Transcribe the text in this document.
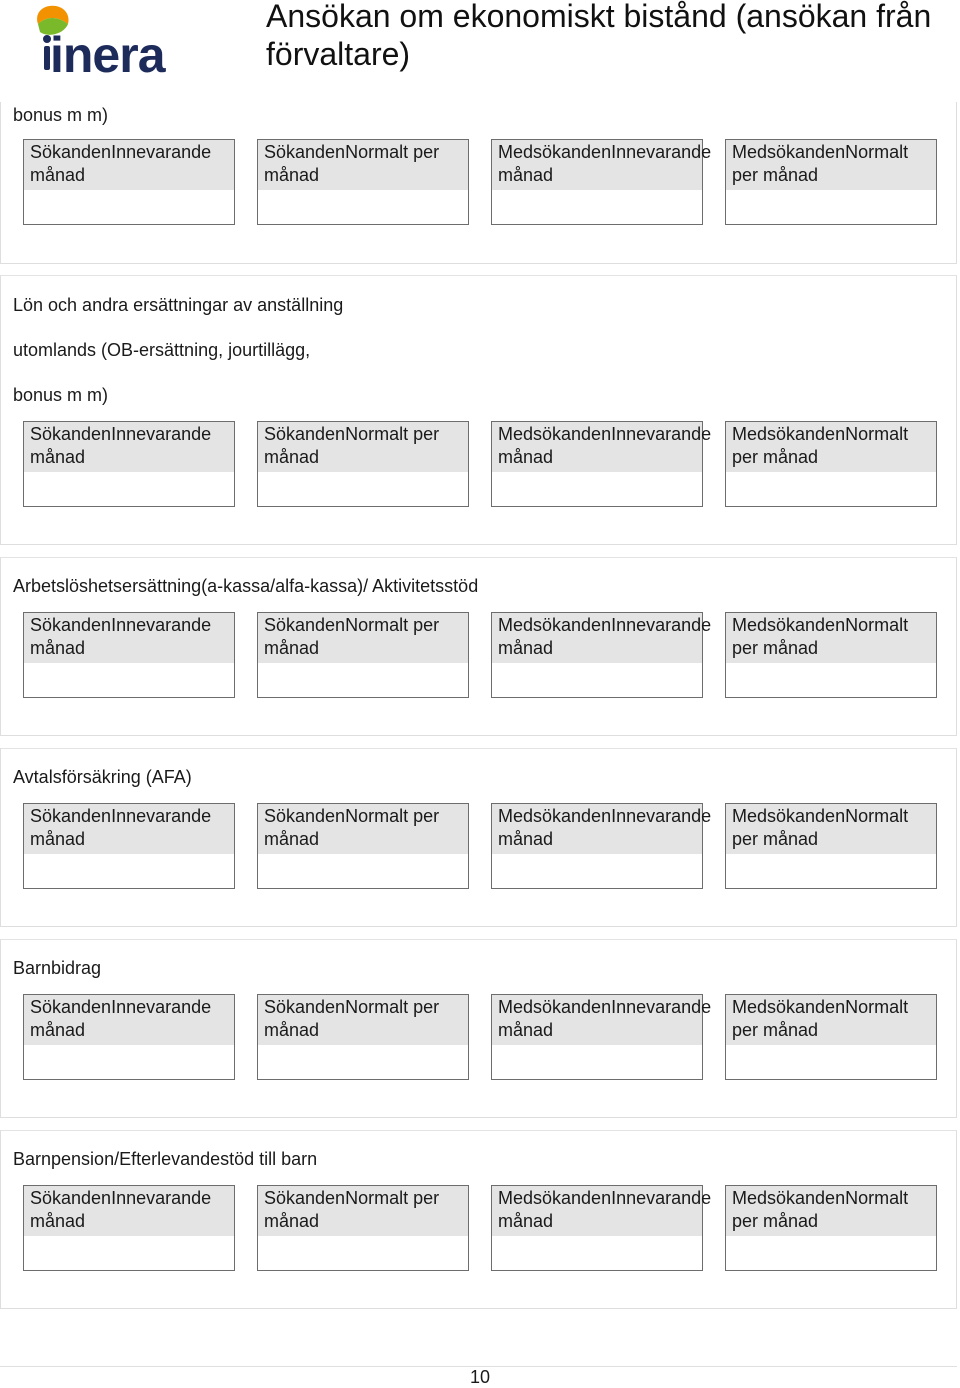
inera
Ansökan om ekonomiskt bistånd (ansökan från förvaltare)
bonus m m)
SökandenInnevarande
månad
SökandenNormalt per
månad
MedsökandenInnevarande
månad
MedsökandenNormalt
per månad
Lön och andra ersättningar av anställning
utomlands (OB-ersättning, jourtillägg,
bonus m m)
SökandenInnevarande
månad
SökandenNormalt per
månad
MedsökandenInnevarande
månad
MedsökandenNormalt
per månad
Arbetslöshetsersättning(a-kassa/alfa-kassa)/ Aktivitetsstöd
SökandenInnevarande
månad
SökandenNormalt per
månad
MedsökandenInnevarande
månad
MedsökandenNormalt
per månad
Avtalsförsäkring (AFA)
SökandenInnevarande
månad
SökandenNormalt per
månad
MedsökandenInnevarande
månad
MedsökandenNormalt
per månad
Barnbidrag
SökandenInnevarande
månad
SökandenNormalt per
månad
MedsökandenInnevarande
månad
MedsökandenNormalt
per månad
Barnpension/Efterlevandestöd till barn
SökandenInnevarande
månad
SökandenNormalt per
månad
MedsökandenInnevarande
månad
MedsökandenNormalt
per månad
10
